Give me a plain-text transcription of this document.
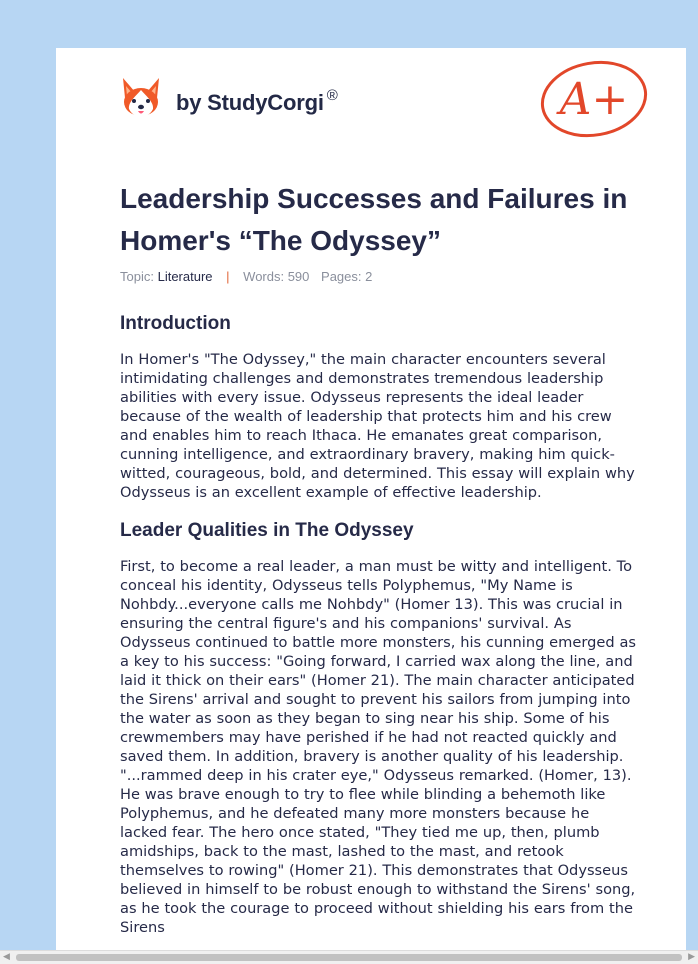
by StudyCorgi ®	A+
Leadership Successes and Failures in Homer's “The Odyssey”
Topic: Literature | Words: 590 Pages: 2
Introduction

In Homer's "The Odyssey," the main character encounters several intimidating challenges and demonstrates tremendous leadership abilities with every issue. Odysseus represents the ideal leader because of the wealth of leadership that protects him and his crew and enables him to reach Ithaca. He emanates great comparison, cunning intelligence, and extraordinary bravery, making him quick-witted, courageous, bold, and determined. This essay will explain why Odysseus is an excellent example of effective leadership.

Leader Qualities in The Odyssey

First, to become a real leader, a man must be witty and intelligent. To conceal his identity, Odysseus tells Polyphemus, "My Name is Nohbdy...everyone calls me Nohbdy" (Homer 13). This was crucial in ensuring the central figure's and his companions' survival. As Odysseus continued to battle more monsters, his cunning emerged as a key to his success: "Going forward, I carried wax along the line, and laid it thick on their ears" (Homer 21). The main character anticipated the Sirens' arrival and sought to prevent his sailors from jumping into the water as soon as they began to sing near his ship. Some of his crewmembers may have perished if he had not reacted quickly and saved them. In addition, bravery is another quality of his leadership. "...rammed deep in his crater eye," Odysseus remarked. (Homer, 13). He was brave enough to try to flee while blinding a behemoth like Polyphemus, and he defeated many more monsters because he lacked fear. The hero once stated, "They tied me up, then, plumb amidships, back to the mast, lashed to the mast, and retook themselves to rowing" (Homer 21). This demonstrates that Odysseus believed in himself to be robust enough to withstand the Sirens' song, as he took the courage to proceed without shielding his ears from the Sirens

◀	▶
